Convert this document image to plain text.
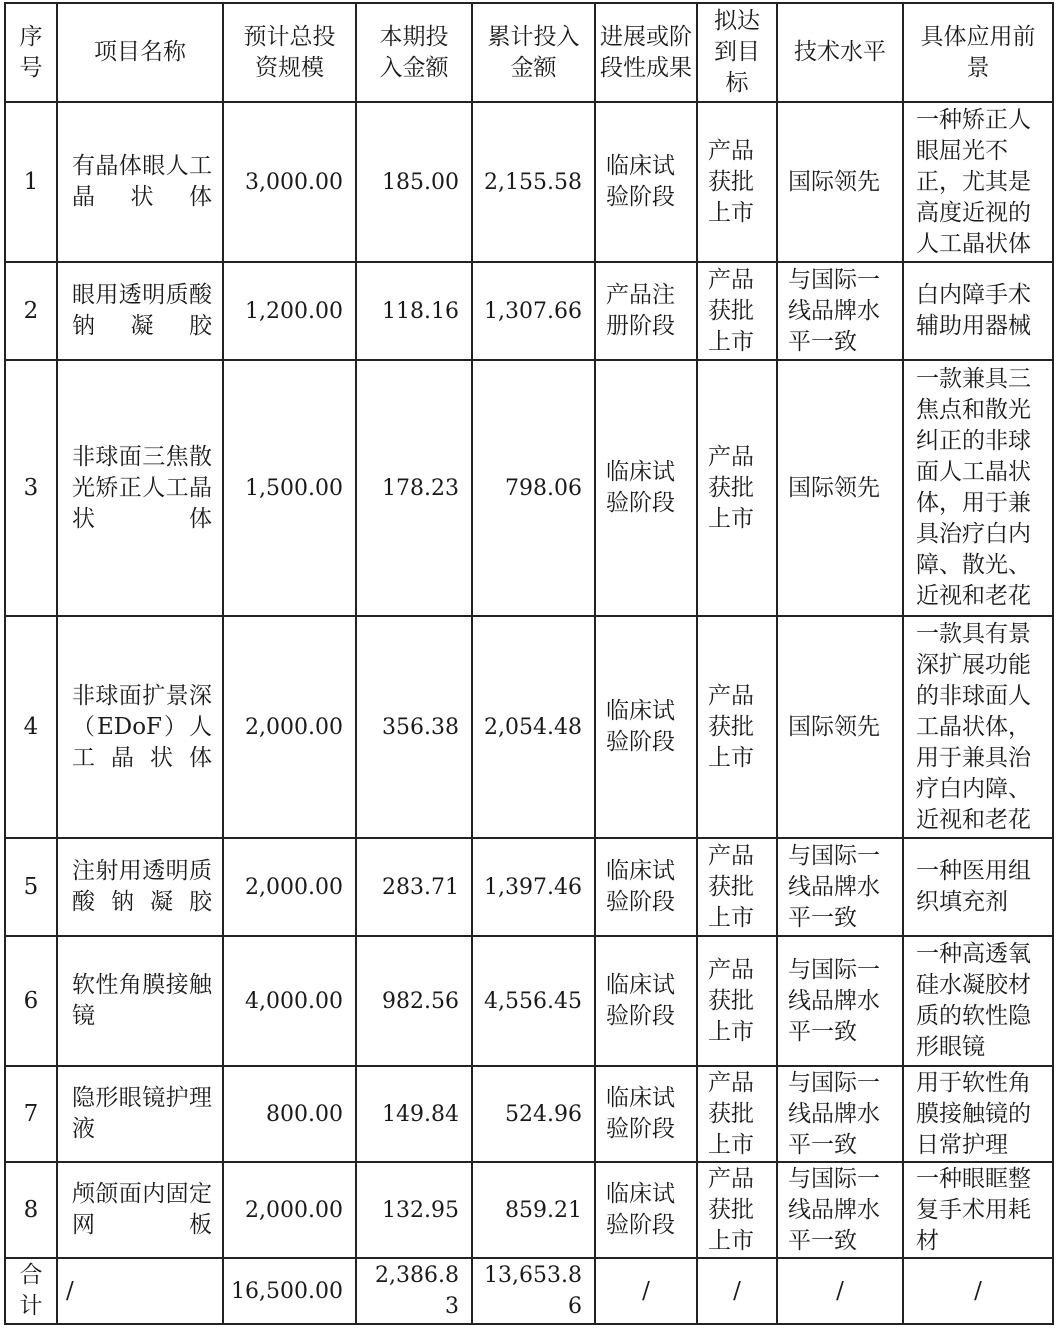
序号	项目名称	预计总投资规模	本期投入金额	累计投入金额	进展或阶段性成果	拟达到目标	技术水平	具体应用前景

1	有晶体眼人工晶状体	3,000.00	185.00	2,155.58	临床试验阶段	产品获批上市	国际领先	一种矫正人眼屈光不正，尤其是高度近视的人工晶状体
2	眼用透明质酸钠凝胶	1,200.00	118.16	1,307.66	产品注册阶段	产品获批上市	与国际一线品牌水平一致	白内障手术辅助用器械
3	非球面三焦散光矫正人工晶状体	1,500.00	178.23	798.06	临床试验阶段	产品获批上市	国际领先	一款兼具三焦点和散光纠正的非球面人工晶状体，用于兼具治疗白内障、散光、近视和老花
4	非球面扩景深（EDoF）人工晶状体	2,000.00	356.38	2,054.48	临床试验阶段	产品获批上市	国际领先	一款具有景深扩展功能的非球面人工晶状体，用于兼具治疗白内障、近视和老花
5	注射用透明质酸钠凝胶	2,000.00	283.71	1,397.46	临床试验阶段	产品获批上市	与国际一线品牌水平一致	一种医用组织填充剂
6	软性角膜接触镜	4,000.00	982.56	4,556.45	临床试验阶段	产品获批上市	与国际一线品牌水平一致	一种高透氧硅水凝胶材质的软性隐形眼镜
7	隐形眼镜护理液	800.00	149.84	524.96	临床试验阶段	产品获批上市	与国际一线品牌水平一致	用于软性角膜接触镜的日常护理
8	颅颌面内固定网板	2,000.00	132.95	859.21	临床试验阶段	产品获批上市	与国际一线品牌水平一致	一种眼眶整复手术用耗材
合计	/	16,500.00	2,386.83	13,653.86	/	/	/	/
